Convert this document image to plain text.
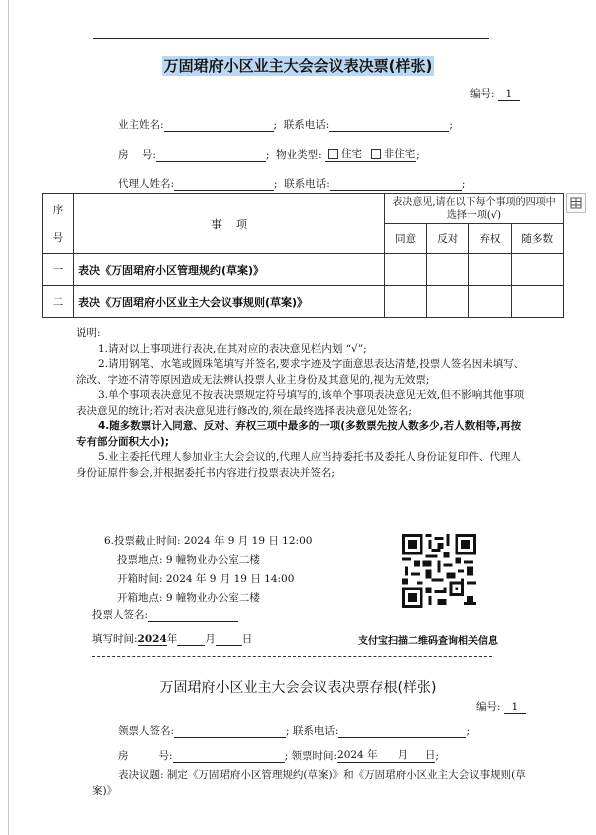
万固珺府小区业主大会会议表决票(样张)
编号: 1
业主姓名:	; 联系电话:	;
房    号:	; 物业类型: 住宅 非住宅;
代理人姓名:	; 联系电话:	;
序
号	事    项	表决意见,请在以下每个事项的四项中选择一项(√)			
		同意	反对	弃权	随多数
一	表决《万固珺府小区管理规约(草案)》				
二	表决《万固珺府小区业主大会议事规则(草案)》				

说明:

1.请对以上事项进行表决,在其对应的表决意见栏内划 “√”;

2.请用钢笔、水笔或圆珠笔填写并签名,要求字迹及字面意思表达清楚,投票人签名因未填写、涂改、字迹不清等原因造成无法辨认投票人业主身份及其意见的,视为无效票;

3.单个事项表决意见不按表决票规定符号填写的,该单个事项表决意见无效,但不影响其他事项表决意见的统计;若对表决意见进行修改的,须在最终选择表决意见处签名;

4.随多数票计入同意、反对、弃权三项中最多的一项(多数票先按人数多少,若人数相等,再按专有部分面积大小);

5.业主委托代理人参加业主大会会议的,代理人应当持委托书及委托人身份证复印件、代理人身份证原件参会,并根据委托书内容进行投票表决并签名;

6.投票截止时间: 2024 年 9 月 19 日 12:00
投票地点: 9 幢物业办公室二楼
开箱时间: 2024 年 9 月 19 日 14:00
开箱地点: 9 幢物业办公室二楼
投票人签名:
填写时间:2024年	月 日	支付宝扫描二维码查询相关信息
万固珺府小区业主大会会议表决票存根(样张)
编号: 1
领票人签名:	; 联系电话:	;
房         号:	; 领票时间:2024 年 月 日;
表决议题: 制定《万固珺府小区管理规约(草案)》和《万固珺府小区业主大会议事规则(草案)》
